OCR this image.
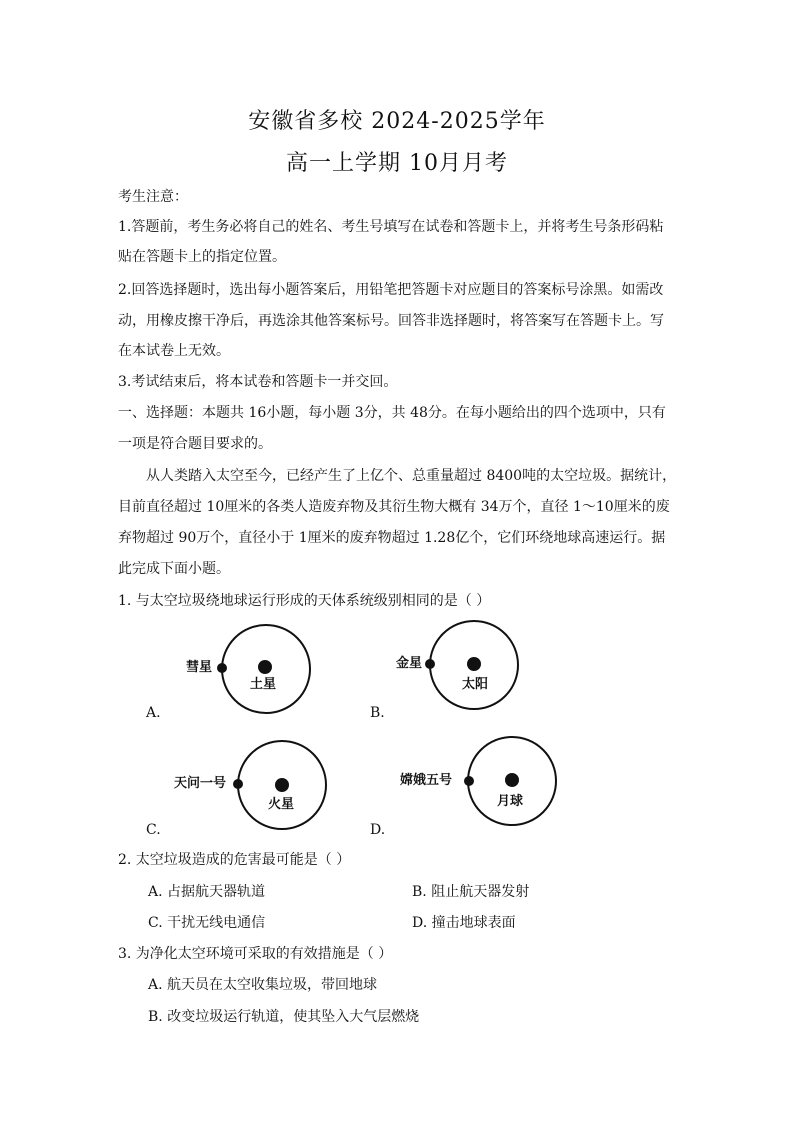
安徽省多校 2024-2025学年
高一上学期 10月月考
考生注意：
1.答题前，考生务必将自己的姓名、考生号填写在试卷和答题卡上，并将考生号条形码粘
贴在答题卡上的指定位置。
2.回答选择题时，选出每小题答案后，用铅笔把答题卡对应题目的答案标号涂黑。如需改
动，用橡皮擦干净后，再选涂其他答案标号。回答非选择题时，将答案写在答题卡上。写
在本试卷上无效。
3.考试结束后，将本试卷和答题卡一并交回。
一、选择题：本题共 16小题，每小题 3分，共 48分。在每小题给出的四个选项中，只有
一项是符合题目要求的。
从人类踏入太空至今，已经产生了上亿个、总重量超过 8400吨的太空垃圾。据统计，
目前直径超过 10厘米的各类人造废弃物及其衍生物大概有 34万个，直径 1～10厘米的废
弃物超过 90万个，直径小于 1厘米的废弃物超过 1.28亿个，它们环绕地球高速运行。据
此完成下面小题。
1. 与太空垃圾绕地球运行形成的天体系统级别相同的是（ ）
A.
彗星
土星
B.
金星
太阳
C.
天问一号
火星
D.
嫦娥五号
月球
2. 太空垃圾造成的危害最可能是（ ）
A. 占据航天器轨道	B. 阻止航天器发射
C. 干扰无线电通信	D. 撞击地球表面
3. 为净化太空环境可采取的有效措施是（ ）
A. 航天员在太空收集垃圾，带回地球
B. 改变垃圾运行轨道，使其坠入大气层燃烧
